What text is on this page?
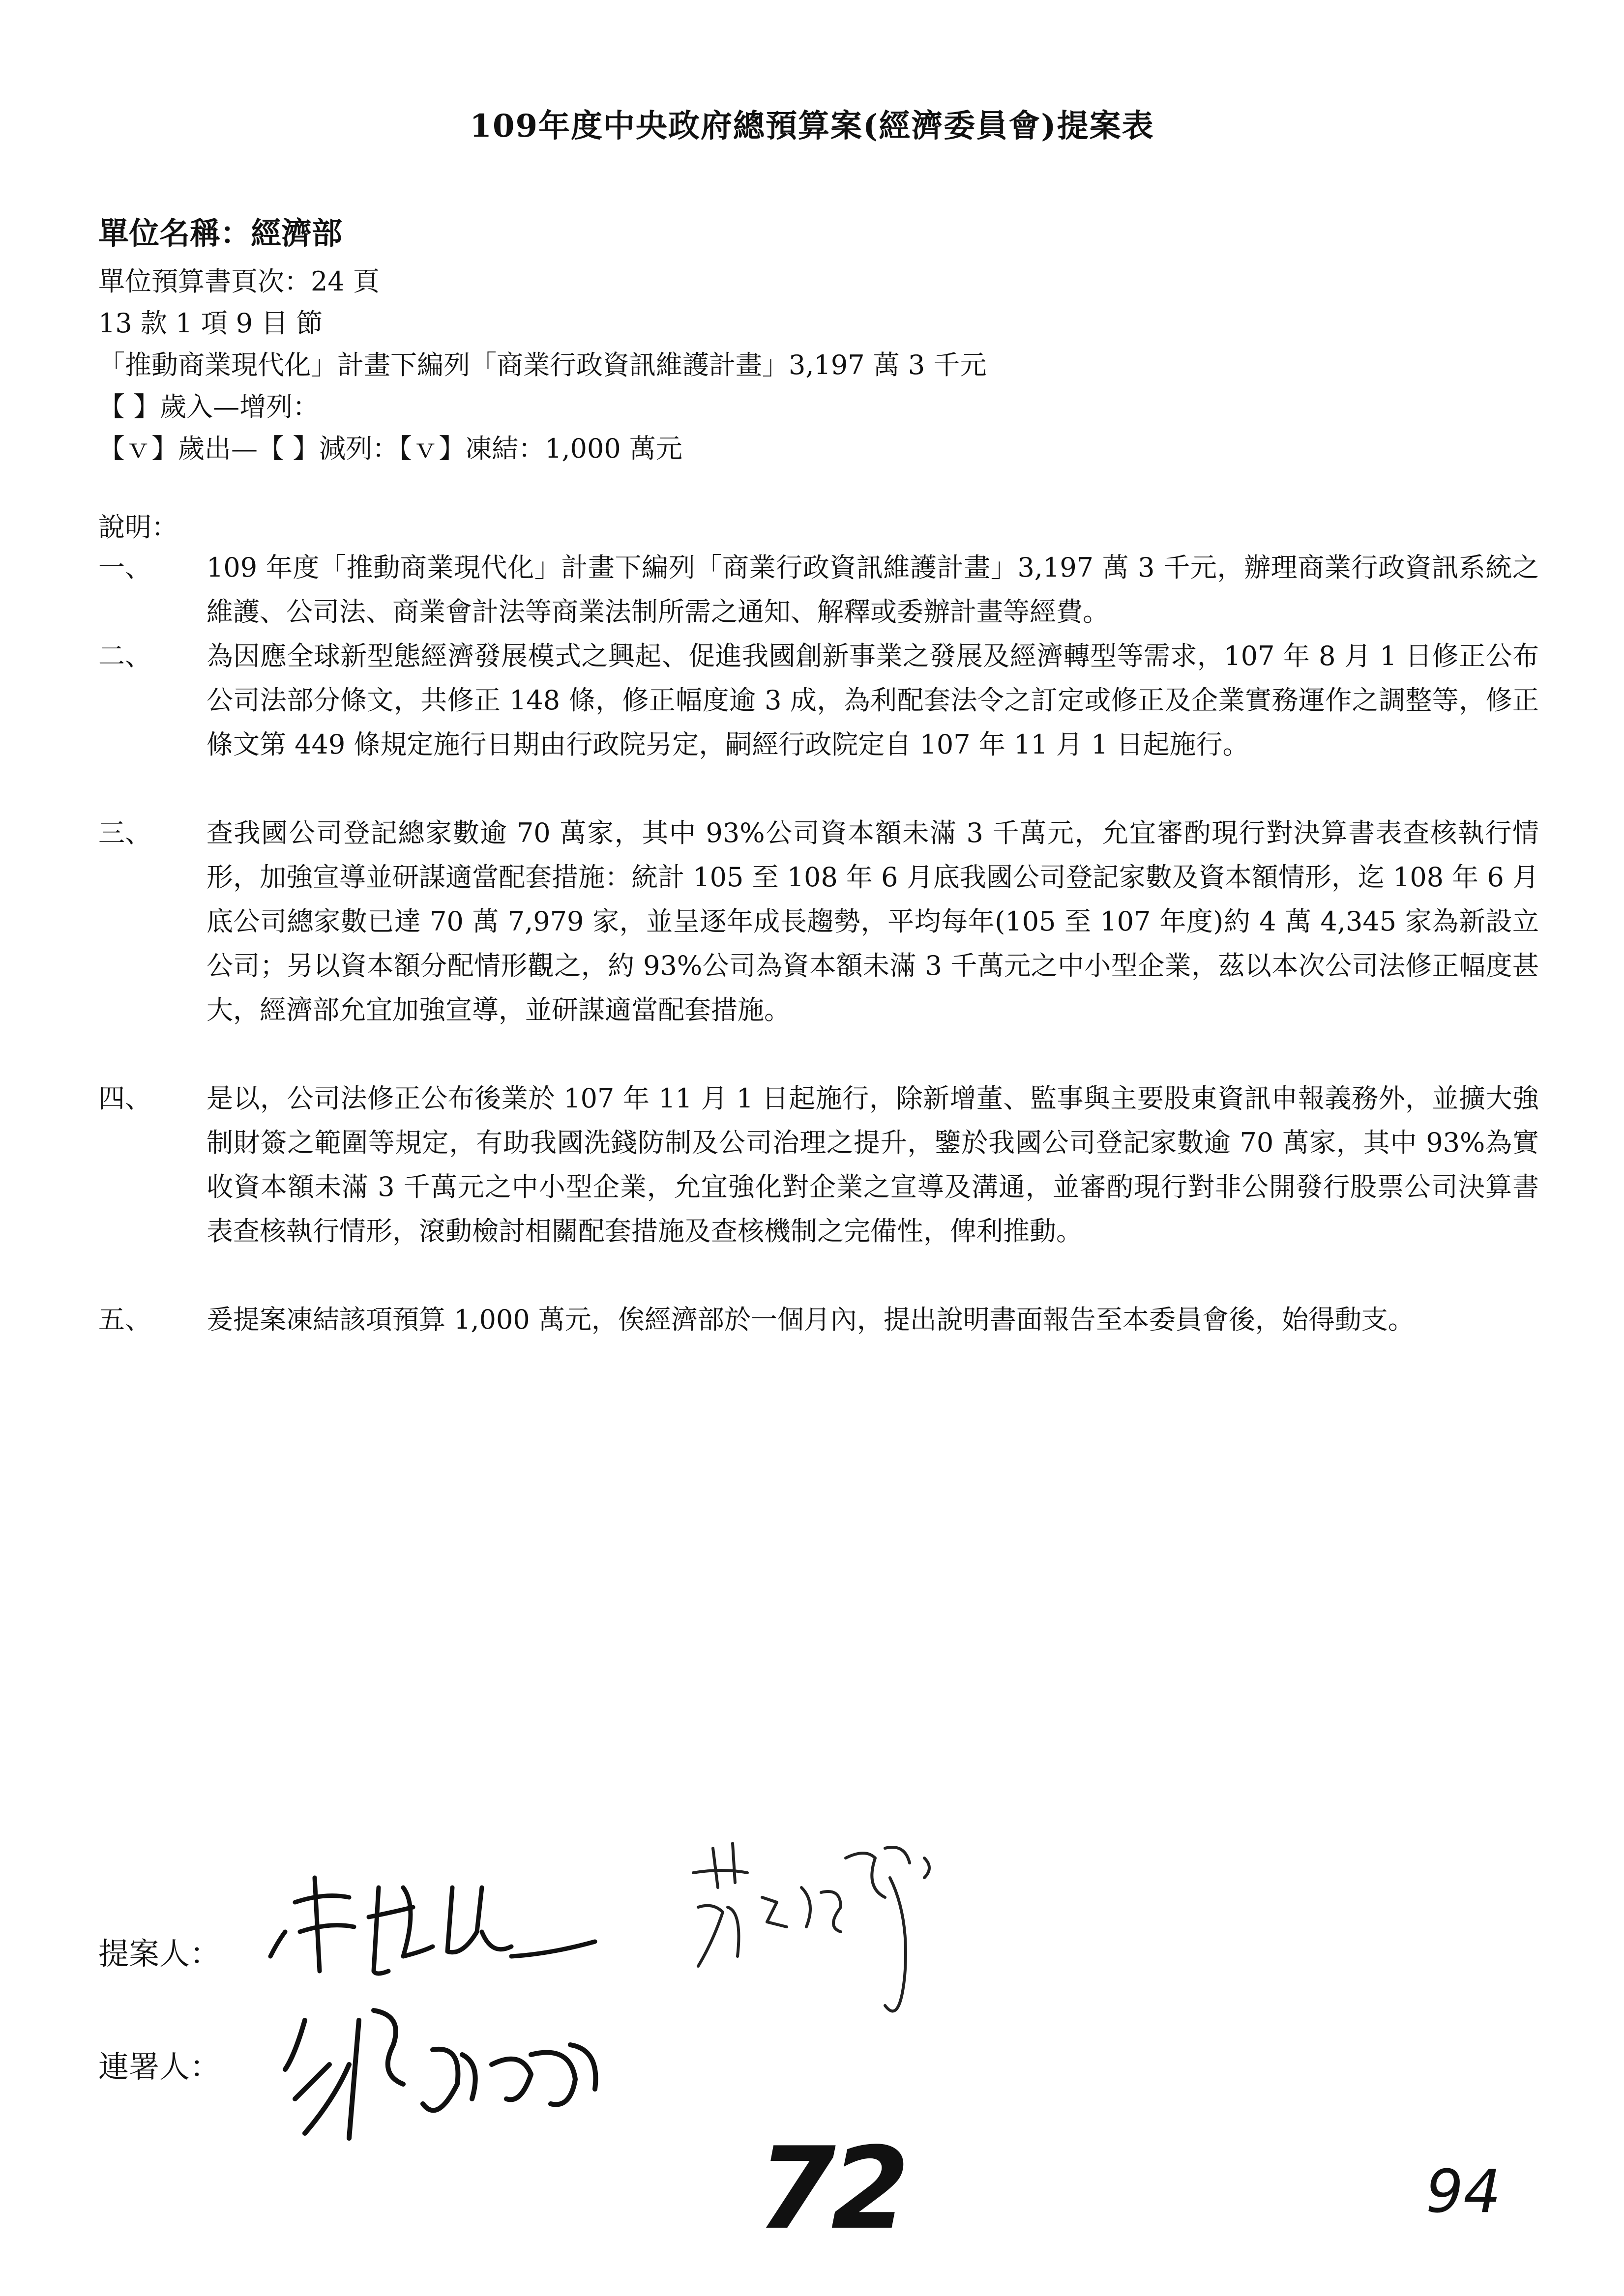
109年度中央政府總預算案(經濟委員會)提案表
單位名稱：經濟部
單位預算書頁次：24 頁
13 款 1 項 9 目 節
「推動商業現代化」計畫下編列「商業行政資訊維護計畫」3,197 萬 3 千元
【 】歲入—增列：
【ｖ】歲出—【 】減列：【ｖ】凍結：1,000 萬元
說明：
一、 109 年度「推動商業現代化」計畫下編列「商業行政資訊維護計畫」3,197 萬 3 千元，辦理商業行政資訊系統之維護、公司法、商業會計法等商業法制所需之通知、解釋或委辦計畫等經費。
二、 為因應全球新型態經濟發展模式之興起、促進我國創新事業之發展及經濟轉型等需求，107 年 8 月 1 日修正公布公司法部分條文，共修正 148 條，修正幅度逾 3 成，為利配套法令之訂定或修正及企業實務運作之調整等，修正條文第 449 條規定施行日期由行政院另定，嗣經行政院定自 107 年 11 月 1 日起施行。
三、 查我國公司登記總家數逾 70 萬家，其中 93%公司資本額未滿 3 千萬元，允宜審酌現行對決算書表查核執行情形，加強宣導並研謀適當配套措施：統計 105 至 108 年 6 月底我國公司登記家數及資本額情形，迄 108 年 6 月底公司總家數已達 70 萬 7,979 家，並呈逐年成長趨勢，平均每年(105 至 107 年度)約 4 萬 4,345 家為新設立公司；另以資本額分配情形觀之，約 93%公司為資本額未滿 3 千萬元之中小型企業，茲以本次公司法修正幅度甚大，經濟部允宜加強宣導，並研謀適當配套措施。
四、 是以，公司法修正公布後業於 107 年 11 月 1 日起施行，除新增董、監事與主要股東資訊申報義務外，並擴大強制財簽之範圍等規定，有助我國洗錢防制及公司治理之提升，鑒於我國公司登記家數逾 70 萬家，其中 93%為實收資本額未滿 3 千萬元之中小型企業，允宜強化對企業之宣導及溝通，並審酌現行對非公開發行股票公司決算書表查核執行情形，滾動檢討相關配套措施及查核機制之完備性，俾利推動。
五、 爰提案凍結該項預算 1,000 萬元，俟經濟部於一個月內，提出說明書面報告至本委員會後，始得動支。
提案人：
連署人：
72	94
